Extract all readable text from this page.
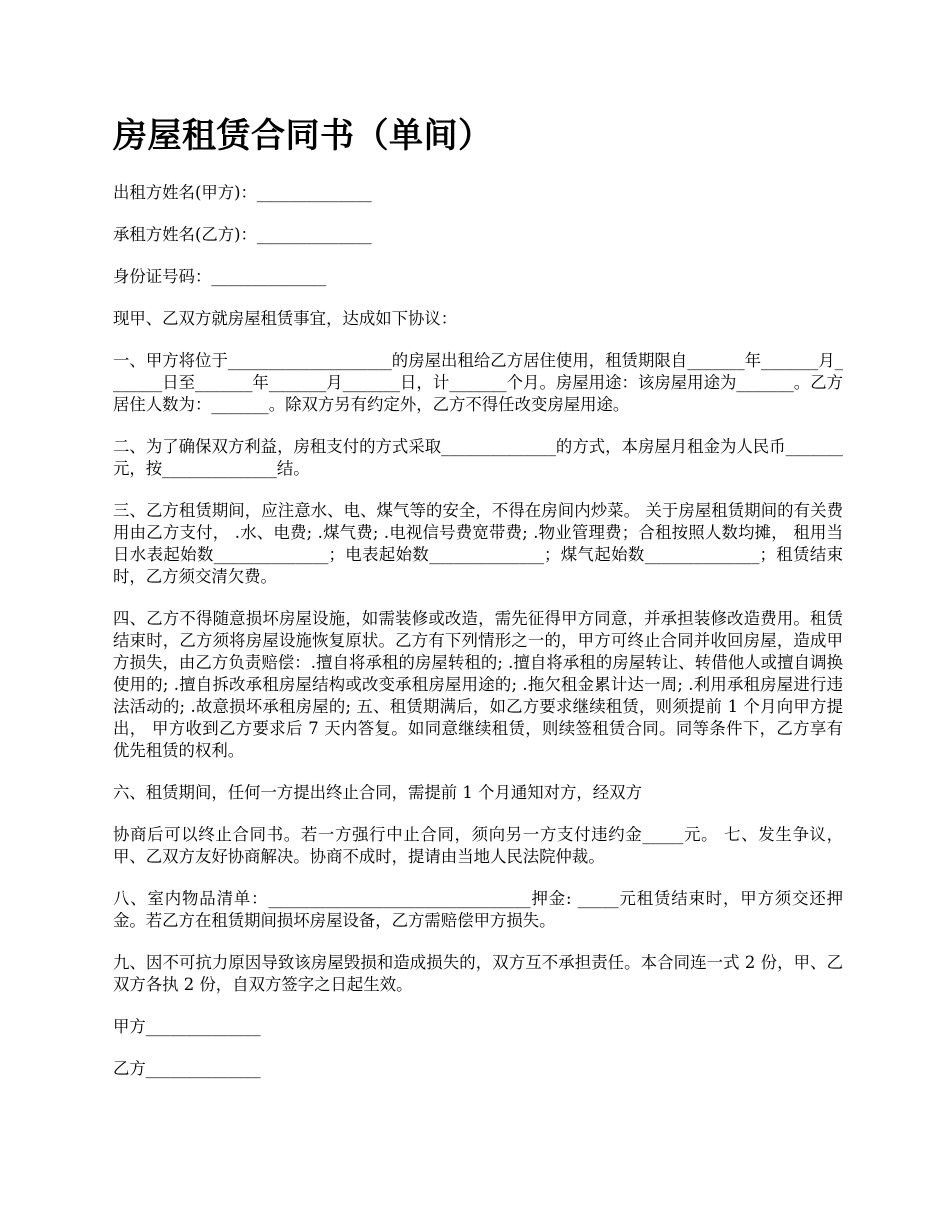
房屋租赁合同书（单间）

出租方姓名(甲方)：______________

承租方姓名(乙方)：______________

身份证号码：______________

现甲、乙双方就房屋租赁事宜，达成如下协议：

一、甲方将位于____________________的房屋出租给乙方居住使用，租赁期限自_______年_______月_______日至_______年_______月_______日，计_______个月。房屋用途：该房屋用途为_______。乙方居住人数为：_______。除双方另有约定外，乙方不得任改变房屋用途。

二、为了确保双方利益，房租支付的方式采取______________的方式，本房屋月租金为人民币_______元，按______________结。

三、乙方租赁期间，应注意水、电、煤气等的安全，不得在房间内炒菜。 关于房屋租赁期间的有关费用由乙方支付， .水、电费; .煤气费; .电视信号费宽带费; .物业管理费；合租按照人数均摊， 租用当日水表起始数______________；电表起始数______________；煤气起始数______________；租赁结束时，乙方须交清欠费。

四、乙方不得随意损坏房屋设施，如需装修或改造，需先征得甲方同意，并承担装修改造费用。租赁结束时，乙方须将房屋设施恢复原状。乙方有下列情形之一的，甲方可终止合同并收回房屋，造成甲方损失，由乙方负责赔偿：.擅自将承租的房屋转租的; .擅自将承租的房屋转让、转借他人或擅自调换使用的; .擅自拆改承租房屋结构或改变承租房屋用途的; .拖欠租金累计达一周; .利用承租房屋进行违法活动的; .故意损坏承租房屋的; 五、租赁期满后，如乙方要求继续租赁，则须提前 1 个月向甲方提出， 甲方收到乙方要求后 7 天内答复。如同意继续租赁，则续签租赁合同。同等条件下，乙方享有优先租赁的权利。

六、租赁期间，任何一方提出终止合同，需提前 1 个月通知对方，经双方

协商后可以终止合同书。若一方强行中止合同，须向另一方支付违约金_____元。 七、发生争议，甲、乙双方友好协商解决。协商不成时，提请由当地人民法院仲裁。

八、室内物品清单：________________________________押金: _____元租赁结束时，甲方须交还押金。若乙方在租赁期间损坏房屋设备，乙方需赔偿甲方损失。

九、因不可抗力原因导致该房屋毁损和造成损失的，双方互不承担责任。本合同连一式 2 份，甲、乙双方各执 2 份，自双方签字之日起生效。

甲方______________

乙方______________
